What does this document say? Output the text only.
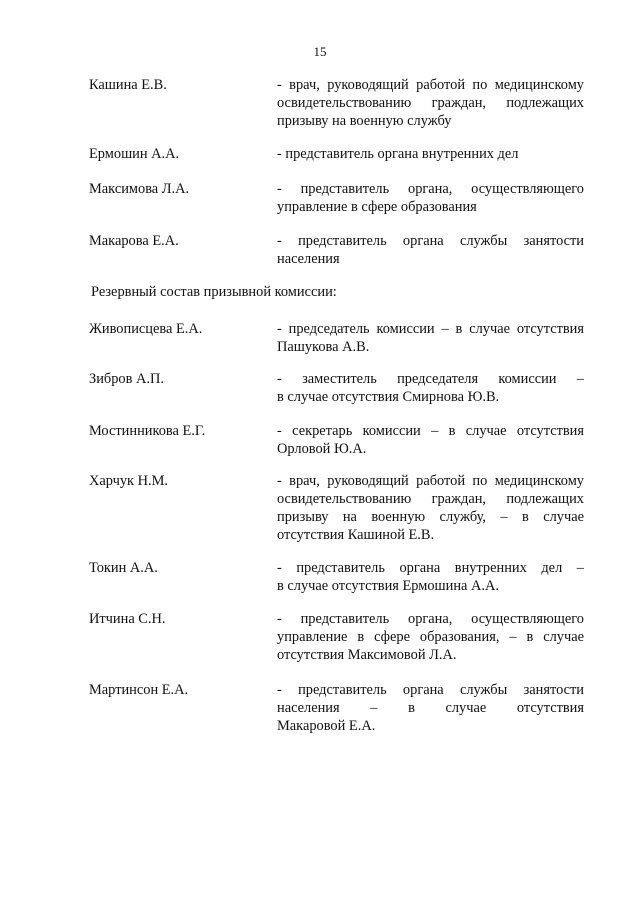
15
Кашина Е.В.	- врач, руководящий работой по медицинскому
освидетельствованию граждан, подлежащих
призыву на военную службу
Ермошин А.А.	- представитель органа внутренних дел
Максимова Л.А.	- представитель органа, осуществляющего
управление в сфере образования
Макарова Е.А.	- представитель органа службы занятости
населения
Резервный состав призывной комиссии:
Живописцева Е.А.	- председатель комиссии – в случае отсутствия
Пашукова А.В.
Зибров А.П.	- заместитель председателя комиссии –
в случае отсутствия Смирнова Ю.В.
Мостинникова Е.Г.	- секретарь комиссии – в случае отсутствия
Орловой Ю.А.
Харчук Н.М.	- врач, руководящий работой по медицинскому
освидетельствованию граждан, подлежащих
призыву на военную службу, – в случае
отсутствия Кашиной Е.В.
Токин А.А.	- представитель органа внутренних дел –
в случае отсутствия Ермошина А.А.
Итчина С.Н.	- представитель органа, осуществляющего
управление в сфере образования, – в случае
отсутствия Максимовой Л.А.
Мартинсон Е.А.	- представитель органа службы занятости
населения – в случае отсутствия
Макаровой Е.А.
